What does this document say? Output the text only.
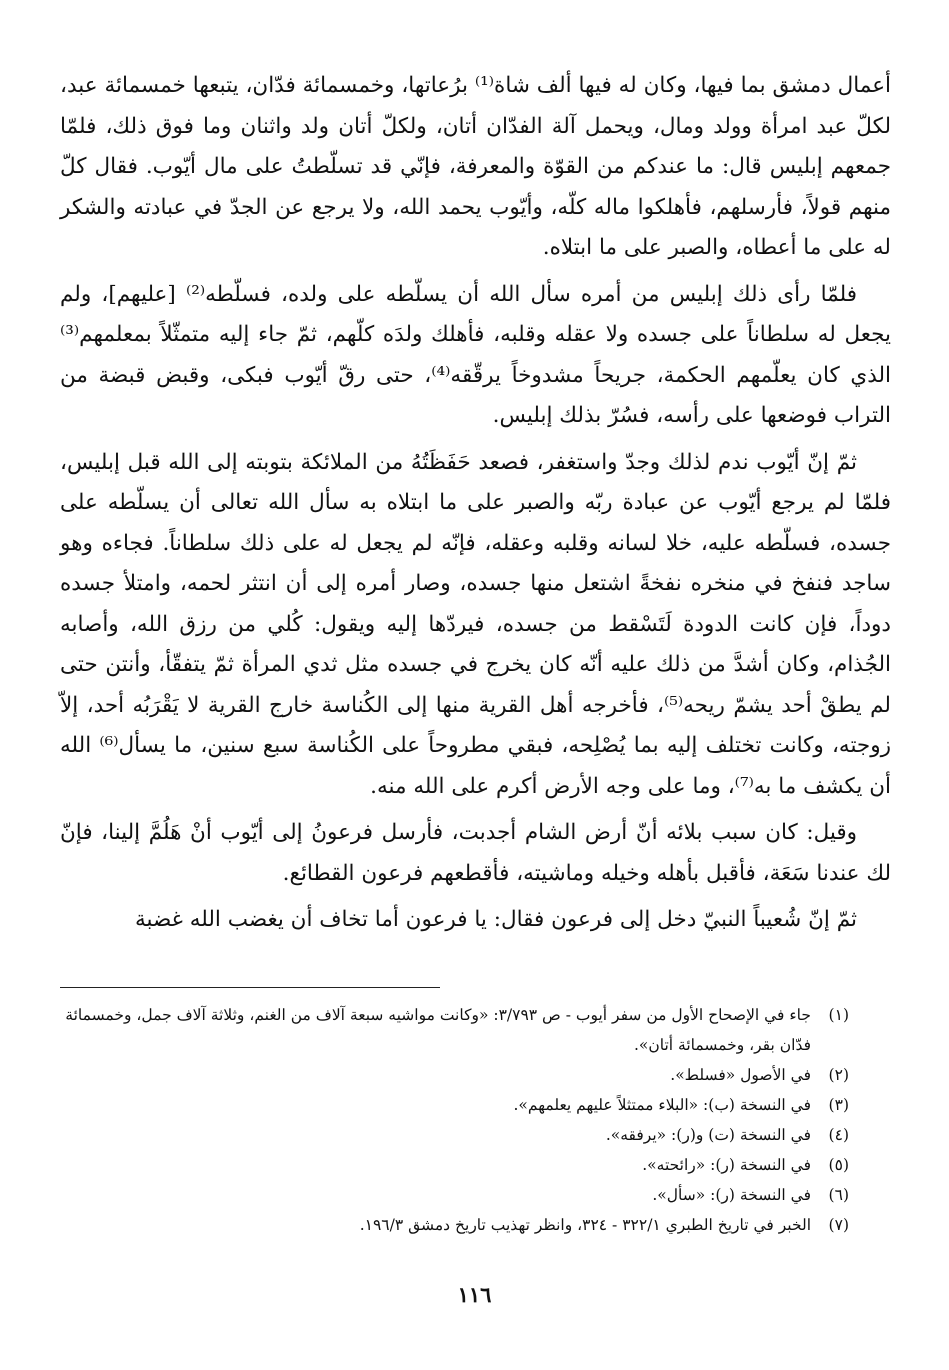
أعمال دمشق بما فيها، وكان له فيها ألف شاة⁽¹⁾ برُعاتها، وخمسمائة فدّان، يتبعها خمسمائة عبد، لكلّ عبد امرأة وولد ومال، ويحمل آلة الفدّان أتان، ولكلّ أتان ولد واثنان وما فوق ذلك، فلمّا جمعهم إبليس قال: ما عندكم من القوّة والمعرفة، فإنّي قد تسلّطتُ على مال أيّوب. فقال كلّ منهم قولاً، فأرسلهم، فأهلكوا ماله كلّه، وأيّوب يحمد الله، ولا يرجع عن الجدّ في عبادته والشكر له على ما أعطاه، والصبر على ما ابتلاه.

فلمّا رأى ذلك إبليس من أمره سأل الله أن يسلّطه على ولده، فسلّطه⁽²⁾ [عليهم]، ولم يجعل له سلطاناً على جسده ولا عقله وقلبه، فأهلك ولدَه كلّهم، ثمّ جاء إليه متمثّلاً بمعلمهم⁽³⁾ الذي كان يعلّمهم الحكمة، جريحاً مشدوخاً يرقّقه⁽⁴⁾، حتى رقّ أيّوب فبكى، وقبض قبضة من التراب فوضعها على رأسه، فسُرّ بذلك إبليس.

ثمّ إنّ أيّوب ندم لذلك وجدّ واستغفر، فصعد حَفَظَتُهُ من الملائكة بتوبته إلى الله قبل إبليس، فلمّا لم يرجع أيّوب عن عبادة ربّه والصبر على ما ابتلاه به سأل الله تعالى أن يسلّطه على جسده، فسلّطه عليه، خلا لسانه وقلبه وعقله، فإنّه لم يجعل له على ذلك سلطاناً. فجاءه وهو ساجد فنفخ في منخره نفخةً اشتعل منها جسده، وصار أمره إلى أن انتثر لحمه، وامتلأ جسده دوداً، فإن كانت الدودة لَتَسْقط من جسده، فيردّها إليه ويقول: كُلي من رزق الله، وأصابه الجُذام، وكان أشدَّ من ذلك عليه أنّه كان يخرج في جسده مثل ثدي المرأة ثمّ يتفقّأ، وأنتن حتى لم يطقْ أحد يشمّ ريحه⁽⁵⁾، فأخرجه أهل القرية منها إلى الكُناسة خارج القرية لا يَقْرَبُه أحد، إلاّ زوجته، وكانت تختلف إليه بما يُصْلِحه، فبقي مطروحاً على الكُناسة سبع سنين، ما يسأل⁽⁶⁾ الله أن يكشف ما به⁽⁷⁾، وما على وجه الأرض أكرم على الله منه.

وقيل: كان سبب بلائه أنّ أرض الشام أجدبت، فأرسل فرعونُ إلى أيّوب أنْ هَلُمَّ إلينا، فإنّ لك عندنا سَعَة، فأقبل بأهله وخيله وماشيته، فأقطعهم فرعون القطائع.

ثمّ إنّ شُعيباً النبيّ دخل إلى فرعون فقال: يا فرعون أما تخاف أن يغضب الله غضبة

(١)
جاء في الإصحاح الأول من سفر أيوب - ص ٣/٧٩٣: «وكانت مواشيه سبعة آلاف من الغنم، وثلاثة آلاف جمل، وخمسمائة فدّان بقر، وخمسمائة أتان».
(٢)
في الأصول «فسلط».
(٣)
في النسخة (ب): «البلاء ممتثلاً عليهم يعلمهم».
(٤)
في النسخة (ت) و(ر): «يرفقه».
(٥)
في النسخة (ر): «رائحته».
(٦)
في النسخة (ر): «سأل».
(٧)
الخبر في تاريخ الطبري ٣٢٢/١ - ٣٢٤، وانظر تهذيب تاريخ دمشق ١٩٦/٣.
١١٦
